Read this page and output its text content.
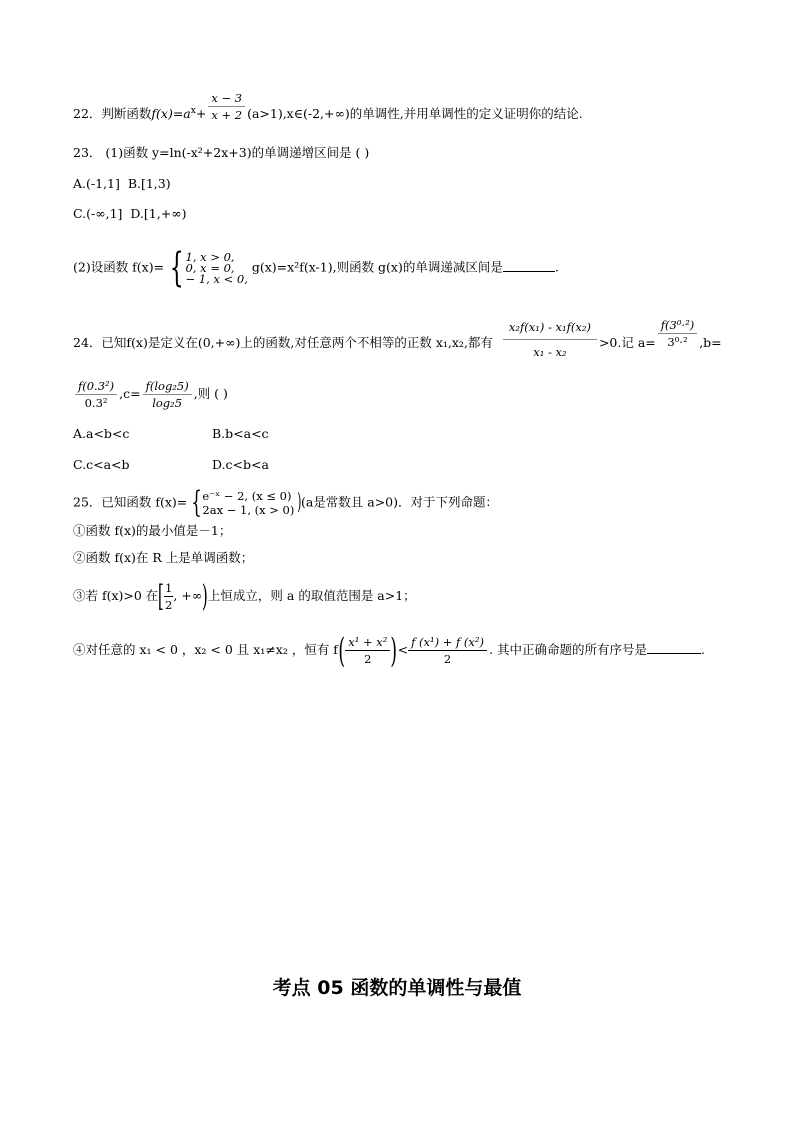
22．判断函数$f(x)=a^x+ \frac{x - 3}{x + 2}$ (a>1),x∈(-2,+∞)的单调性,并用单调性的定义证明你的结论.
23． (1)函数 y=ln(-x²+2x+3)的单调递增区间是 ( )
A.(-1,1] B.[1,3)
C.(-∞,1] D.[1,+∞)
(2)设函数 f(x)= { 1, x > 0,
0, x = 0,
− 1, x < 0,
g(x)=x²f(x-1),则函数 g(x)的单调递减区间是	.
24．已知f(x)是定义在(0,+∞)上的函数,对任意两个不相等的正数 x₁,x₂,都有 $\frac{\text{x₂f(x₁) - x₁f(x₂)}}{\text{x₁ - x₂}} >0$.记 $a= \frac{\text{f(3⁰·²)}}{\text{3⁰·²}} ,b=$
$\frac{\text{f(0.3²)}}{\text{0.3²}} ,c= \frac{\text{f(log₂5)}}{\text{log₂5}}$ ,则 ( )
A.a<b<c	B.b<a<c
C.c<a<b	D.c<b<a
25．已知函数 f(x)= { e⁻ˣ − 2, (x ≤ 0)
2ax − 1, (x > 0) )(a是常数且 a>0)．对于下列命题：
①函数 f(x)的最小值是－1；
②函数 f(x)在 R 上是单调函数；
③若 f(x)>0 在[ $\frac{1}{2}$ , +∞)上恒成立，则 a 的取值范围是 a>1；
④对任意的 x₁ < 0 ，x₂ < 0 且 x₁≠x₂ ，恒有 $f( \frac{\text{x¹ + x²}}{2}$ )< $\frac{\text{f (x¹) + f (x²)}}{2}$ . 其中正确命题的所有序号是	.
考点 05 函数的单调性与最值
